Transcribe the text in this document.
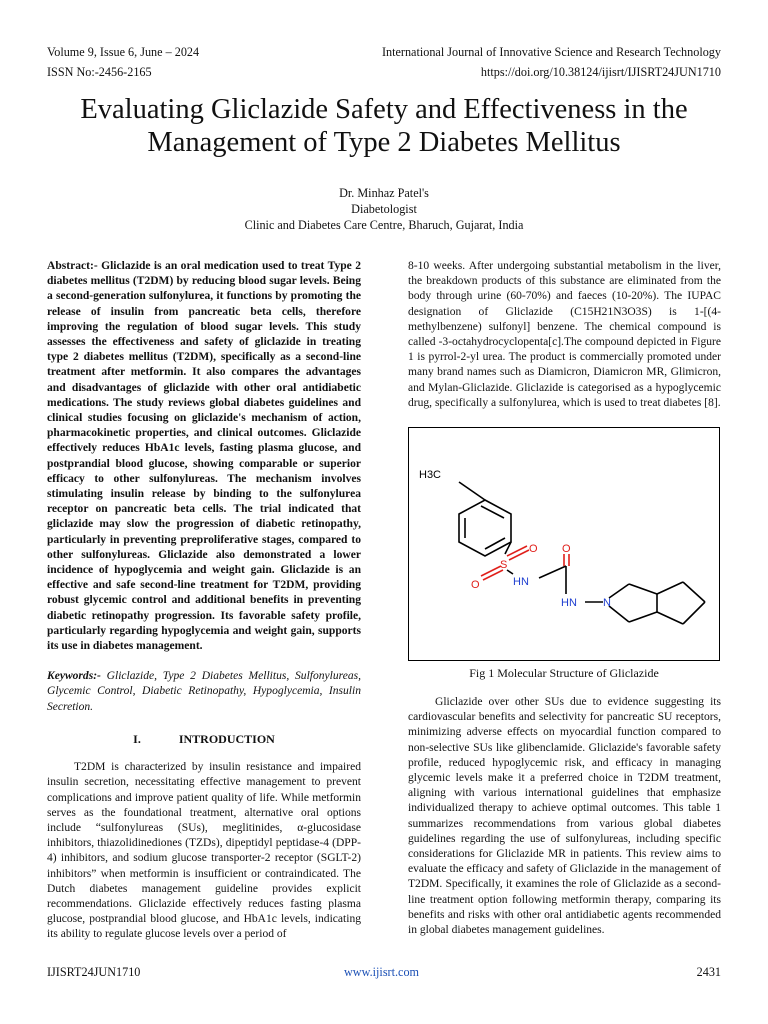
Volume 9, Issue 6, June – 2024	International Journal of Innovative Science and Research Technology
ISSN No:-2456-2165	https://doi.org/10.38124/ijisrt/IJISRT24JUN1710
Evaluating Gliclazide Safety and Effectiveness in the
Management of Type 2 Diabetes Mellitus
Dr. Minhaz Patel's
Diabetologist
Clinic and Diabetes Care Centre, Bharuch, Gujarat, India

Abstract:- Gliclazide is an oral medication used to treat Type 2 diabetes mellitus (T2DM) by reducing blood sugar levels. Being a second-generation sulfonylurea, it functions by promoting the release of insulin from pancreatic beta cells, therefore improving the regulation of blood sugar levels. This study assesses the effectiveness and safety of gliclazide in treating type 2 diabetes mellitus (T2DM), specifically as a second-line treatment after metformin. It also compares the advantages and disadvantages of gliclazide with other oral antidiabetic medications. The study reviews global diabetes guidelines and clinical studies focusing on gliclazide's mechanism of action, pharmacokinetic properties, and clinical outcomes. Gliclazide effectively reduces HbA1c levels, fasting plasma glucose, and postprandial blood glucose, showing comparable or superior efficacy to other sulfonylureas. The mechanism involves stimulating insulin release by binding to the sulfonylurea receptor on pancreatic beta cells. The trial indicated that gliclazide may slow the progression of diabetic retinopathy, particularly in preventing preproliferative stages, compared to other sulfonylureas. Gliclazide also demonstrated a lower incidence of hypoglycemia and weight gain. Gliclazide is an effective and safe second-line treatment for T2DM, providing robust glycemic control and additional benefits in preventing diabetic retinopathy progression. Its favorable safety profile, particularly regarding hypoglycemia and weight gain, supports its use in diabetes management.

Keywords:- Gliclazide, Type 2 Diabetes Mellitus, Sulfonylureas, Glycemic Control, Diabetic Retinopathy, Hypoglycemia, Insulin Secretion.

I.	INTRODUCTION

T2DM is characterized by insulin resistance and impaired insulin secretion, necessitating effective management to prevent complications and improve patient quality of life. While metformin serves as the foundational treatment, alternative oral options include “sulfonylureas (SUs), meglitinides, α-glucosidase inhibitors, thiazolidinediones (TZDs), dipeptidyl peptidase-4 (DPP-4) inhibitors, and sodium glucose transporter-2 receptor (SGLT-2) inhibitors” when metformin is insufficient or contraindicated. The Dutch diabetes management guideline provides explicit recommendations. Gliclazide effectively reduces fasting plasma glucose, postprandial blood glucose, and HbA1c levels, indicating its ability to regulate glucose levels over a period of

8-10 weeks. After undergoing substantial metabolism in the liver, the breakdown products of this substance are eliminated from the body through urine (60-70%) and faeces (10-20%). The IUPAC designation of Gliclazide (C15H21N3O3S) is 1-[(4-methylbenzene) sulfonyl] benzene. The chemical compound is called -3-octahydrocyclopenta[c].The compound depicted in Figure 1 is pyrrol-2-yl urea. The product is commercially promoted under many brand names such as Diamicron, Diamicron MR, Glimicron, and Mylan-Gliclazide. Gliclazide is categorised as a hypoglycemic drug, specifically a sulfonylurea, which is used to treat diabetes [8].

H3C
S
O
O
O
HN
HN N
Fig 1 Molecular Structure of Gliclazide

Gliclazide over other SUs due to evidence suggesting its cardiovascular benefits and selectivity for pancreatic SU receptors, minimizing adverse effects on myocardial function compared to non-selective SUs like glibenclamide. Gliclazide's favorable safety profile, reduced hypoglycemic risk, and efficacy in managing glycemic levels make it a preferred choice in T2DM treatment, aligning with various international guidelines that emphasize individualized therapy to achieve optimal outcomes. This table 1 summarizes recommendations from various global diabetes guidelines regarding the use of sulfonylureas, including specific considerations for Gliclazide MR in patients. This review aims to evaluate the efficacy and safety of Gliclazide in the management of T2DM. Specifically, it examines the role of Gliclazide as a second-line treatment option following metformin therapy, comparing its benefits and risks with other oral antidiabetic agents recommended in global diabetes management guidelines.

IJISRT24JUN1710	www.ijisrt.com	2431
